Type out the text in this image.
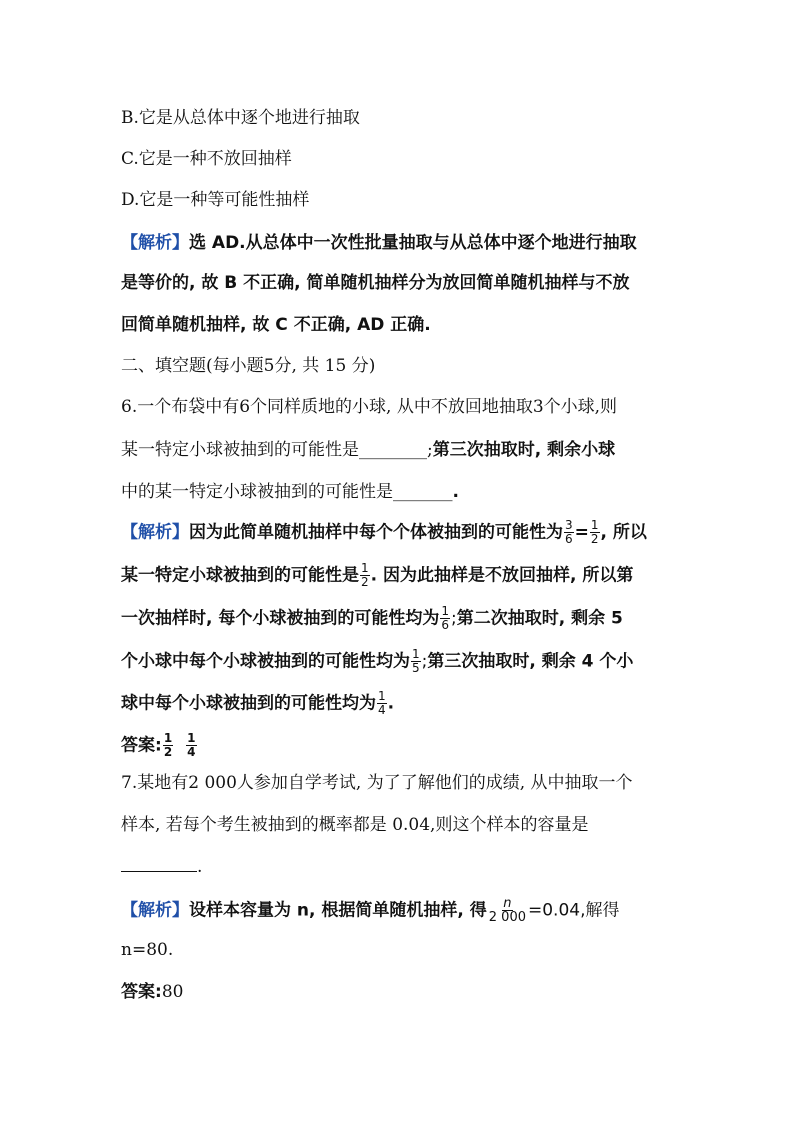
B.它是从总体中逐个地进行抽取
C.它是一种不放回抽样
D.它是一种等可能性抽样
【解析】选 AD.从总体中一次性批量抽取与从总体中逐个地进行抽取
是等价的, 故 B 不正确, 简单随机抽样分为放回简单随机抽样与不放
回简单随机抽样, 故 C 不正确, AD 正确.
二、填空题(每小题5分, 共 15 分)
6.一个布袋中有6个同样质地的小球, 从中不放回地抽取3个小球,则
某一特定小球被抽到的可能性是________;第三次抽取时, 剩余小球
中的某一特定小球被抽到的可能性是_______.
【解析】因为此简单随机抽样中每个个体被抽到的可能性为 $\frac{3}{6} = \frac{1}{2}$ , 所以
某一特定小球被抽到的可能性是 $\frac{1}{2}$ . 因为此抽样是不放回抽样, 所以第
一次抽样时, 每个小球被抽到的可能性均为 $\frac{1}{6}$ ;第二次抽取时, 剩余 5
个小球中每个小球被抽到的可能性均为 $\frac{1}{5}$ ;第三次抽取时, 剩余 4 个小
球中每个小球被抽到的可能性均为 $\frac{1}{4}$ .
答案: $\frac{1}{2} \frac{1}{4}$
7.某地有2 000人参加自学考试, 为了了解他们的成绩, 从中抽取一个
样本, 若每个考生被抽到的概率都是 0.04,则这个样本的容量是
.
【解析】设样本容量为 n, 根据简单随机抽样, 得 $\frac{n}{2 000} =0.04$,解得
n=80.
答案:80
